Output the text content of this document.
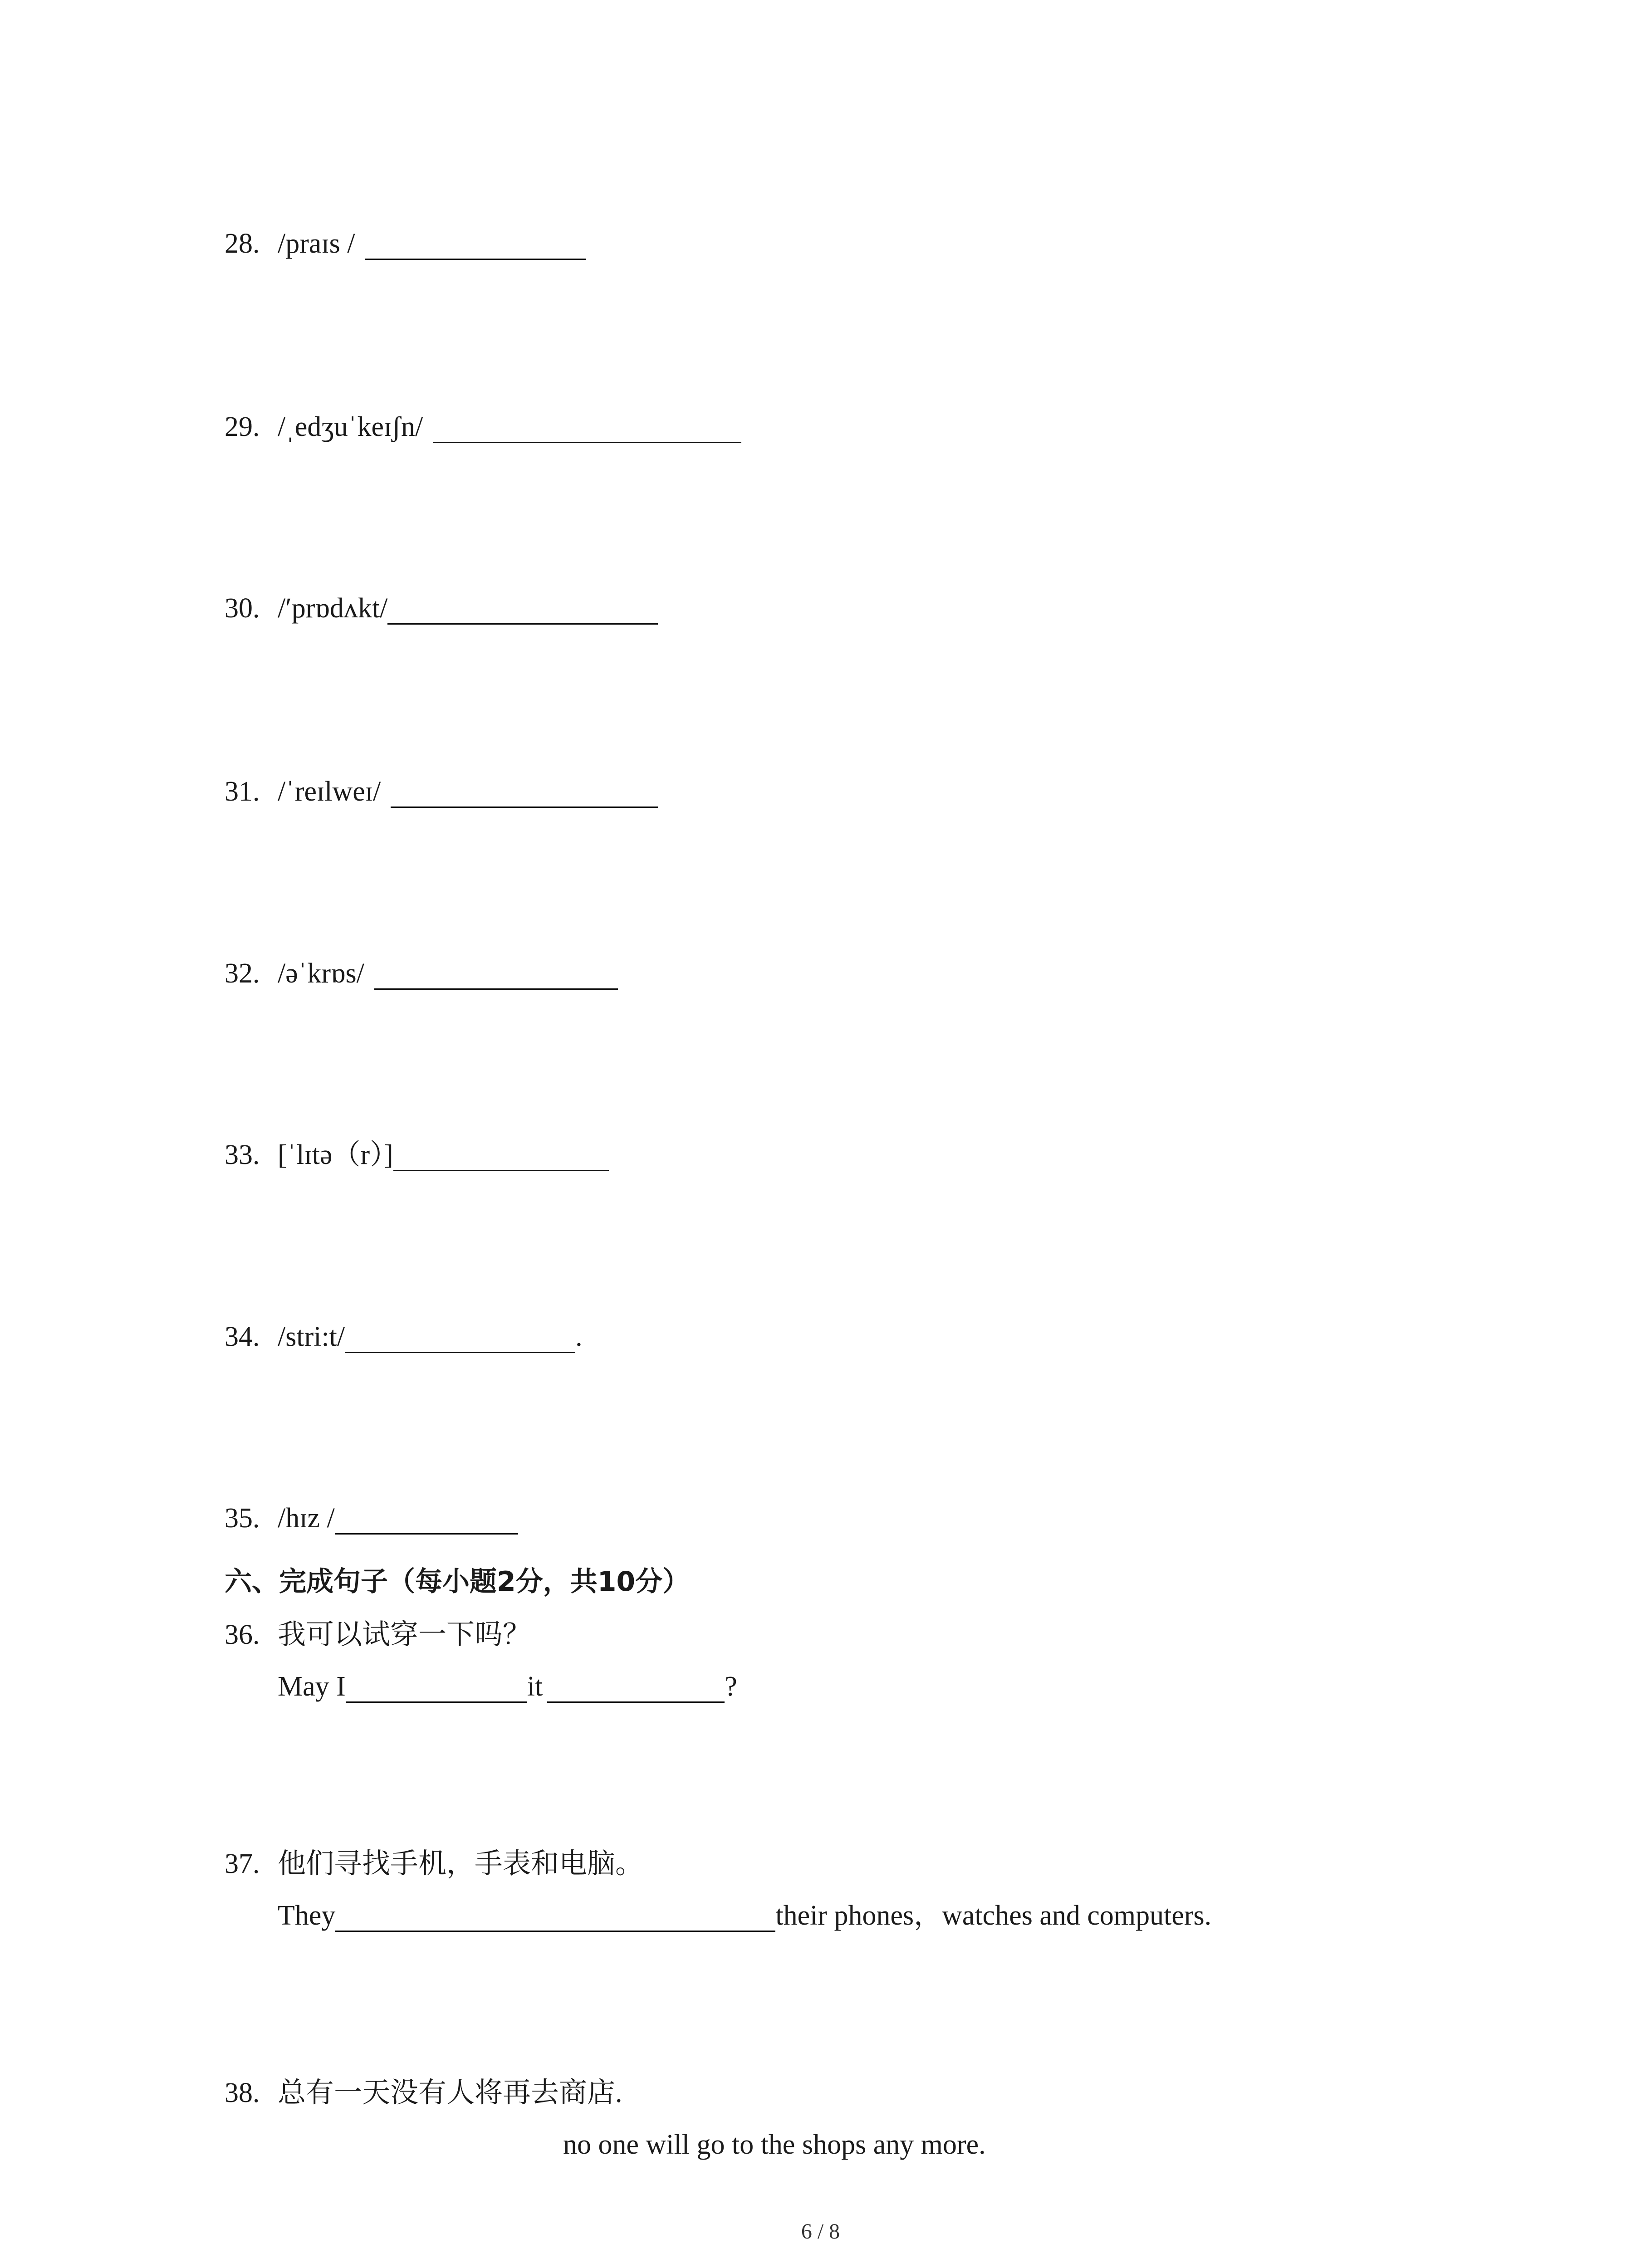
28. /praɪs /
29. /ˌedʒuˈkeɪʃn/
30. /′prɒdʌkt/
31. /ˈreɪlweɪ/
32. /əˈkrɒs/
33. [ˈlɪtə（r）]
34. /stri:t/	.
35. /hɪz /
六、完成句子（每小题2分，共10分）
36. 我可以试穿一下吗？
May I	it	?
37. 他们寻找手机，手表和电脑。
They	their phones，watches and computers.
38. 总有一天没有人将再去商店.
no one will go to the shops any more.
6 / 8
